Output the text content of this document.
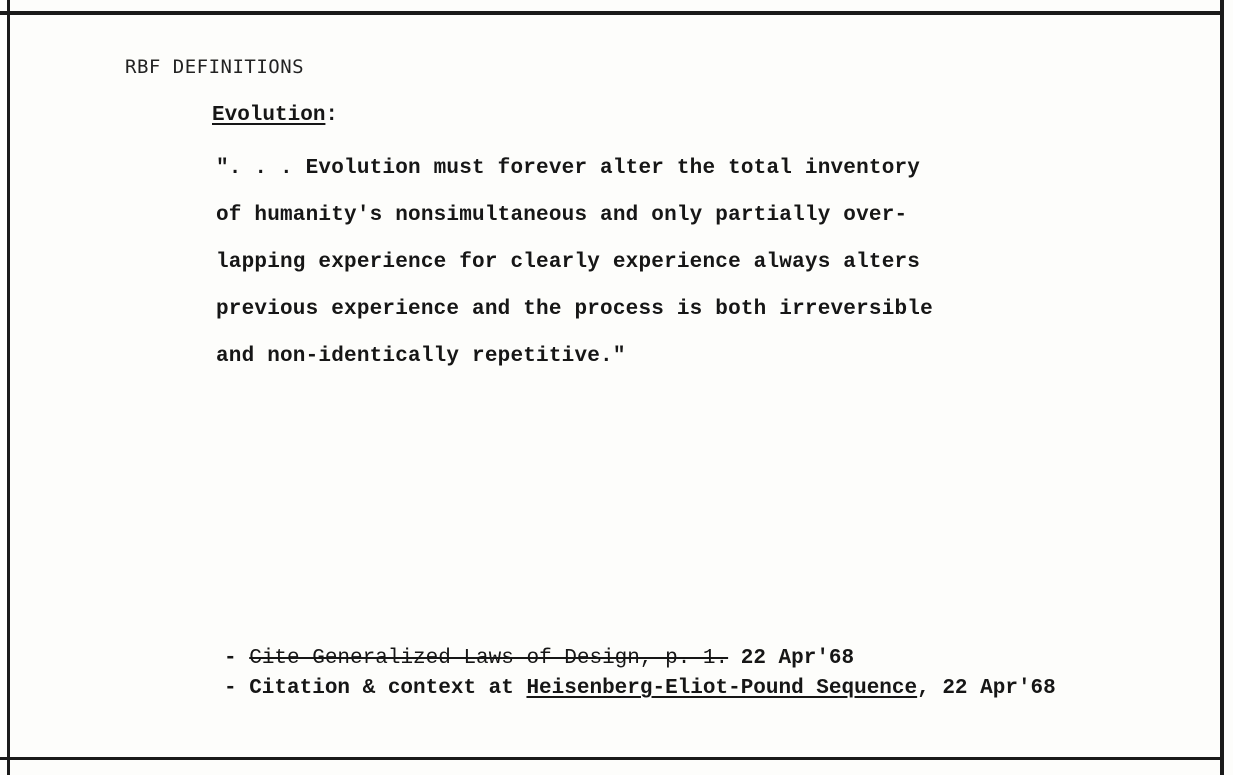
RBF DEFINITIONS
Evolution:
". . . Evolution must forever alter the total inventory
of humanity's nonsimultaneous and only partially over-
lapping experience for clearly experience always alters
previous experience and the process is both irreversible
and non-identically repetitive."
- Cite Generalized Laws of Design, p. 1. 22 Apr'68
- Citation & context at Heisenberg-Eliot-Pound Sequence, 22 Apr'68
